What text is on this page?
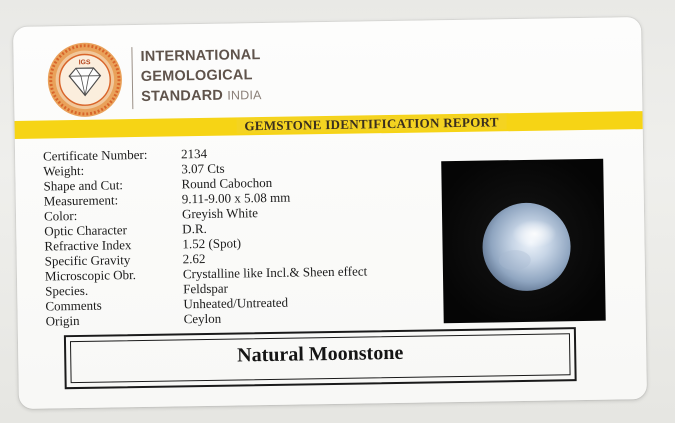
IGS	INTERNATIONAL
GEMOLOGICAL
STANDARD INDIA
GEMSTONE IDENTIFICATION REPORT
Certificate Number:	2134
Weight:	3.07 Cts
Shape and Cut:	Round Cabochon
Measurement:	9.11-9.00 x 5.08 mm
Color:	Greyish White
Optic Character	D.R.
Refractive Index	1.52 (Spot)
Specific Gravity	2.62
Microscopic Obr.	Crystalline like Incl.& Sheen effect
Species.	Feldspar
Comments	Unheated/Untreated
Origin	Ceylon
Natural Moonstone
